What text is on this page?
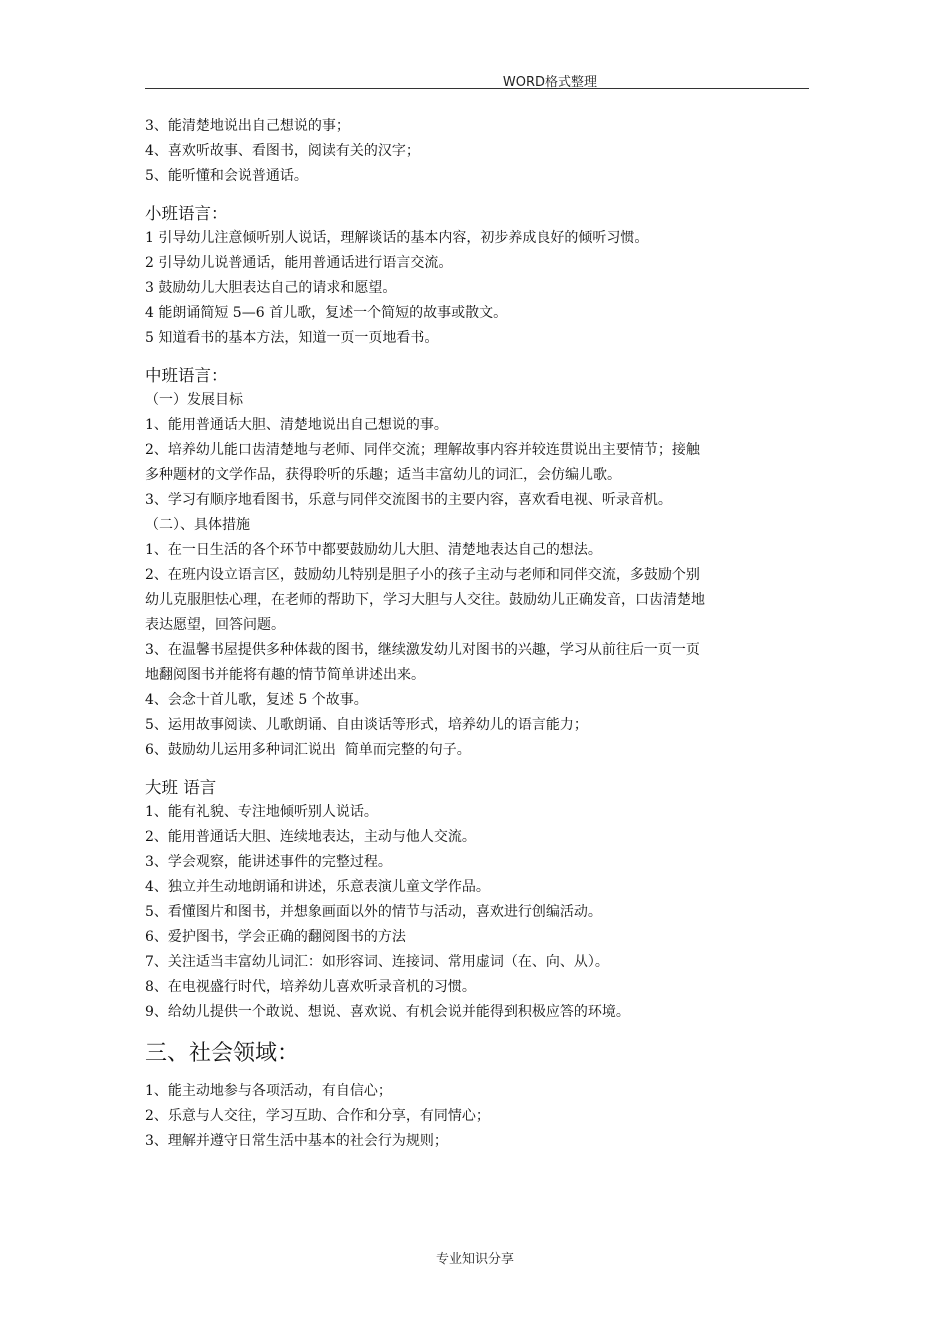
WORD格式整理

3、能清楚地说出自己想说的事；

4、喜欢听故事、看图书，阅读有关的汉字；

5、能听懂和会说普通话。

小班语言：

1 引导幼儿注意倾听别人说话，理解谈话的基本内容，初步养成良好的倾听习惯。

2 引导幼儿说普通话，能用普通话进行语言交流。

3 鼓励幼儿大胆表达自己的请求和愿望。

4 能朗诵简短 5—6 首儿歌，复述一个简短的故事或散文。

5 知道看书的基本方法，知道一页一页地看书。

中班语言：

（一）发展目标

1、能用普通话大胆、清楚地说出自己想说的事。

2、培养幼儿能口齿清楚地与老师、同伴交流；理解故事内容并较连贯说出主要情节；接触

多种题材的文学作品，获得聆听的乐趣；适当丰富幼儿的词汇，会仿编儿歌。

3、学习有顺序地看图书，乐意与同伴交流图书的主要内容，喜欢看电视、听录音机。

（二）、具体措施

1、在一日生活的各个环节中都要鼓励幼儿大胆、清楚地表达自己的想法。

2、在班内设立语言区，鼓励幼儿特别是胆子小的孩子主动与老师和同伴交流，多鼓励个别

幼儿克服胆怯心理，在老师的帮助下，学习大胆与人交往。鼓励幼儿正确发音，口齿清楚地

表达愿望，回答问题。

3、在温馨书屋提供多种体裁的图书，继续激发幼儿对图书的兴趣，学习从前往后一页一页

地翻阅图书并能将有趣的情节简单讲述出来。

4、会念十首儿歌，复述 5 个故事。

5、运用故事阅读、儿歌朗诵、自由谈话等形式，培养幼儿的语言能力；

6、鼓励幼儿运用多种词汇说出  简单而完整的句子。

大班 语言

1、能有礼貌、专注地倾听别人说话。

2、能用普通话大胆、连续地表达，主动与他人交流。

3、学会观察，能讲述事件的完整过程。

4、独立并生动地朗诵和讲述，乐意表演儿童文学作品。

5、看懂图片和图书，并想象画面以外的情节与活动，喜欢进行创编活动。

6、爱护图书，学会正确的翻阅图书的方法

7、关注适当丰富幼儿词汇：如形容词、连接词、常用虚词（在、向、从）。

8、在电视盛行时代，培养幼儿喜欢听录音机的习惯。

9、给幼儿提供一个敢说、想说、喜欢说、有机会说并能得到积极应答的环境。

三、社会领域：

1、能主动地参与各项活动，有自信心；

2、乐意与人交往，学习互助、合作和分享，有同情心；

3、理解并遵守日常生活中基本的社会行为规则；

专业知识分享
